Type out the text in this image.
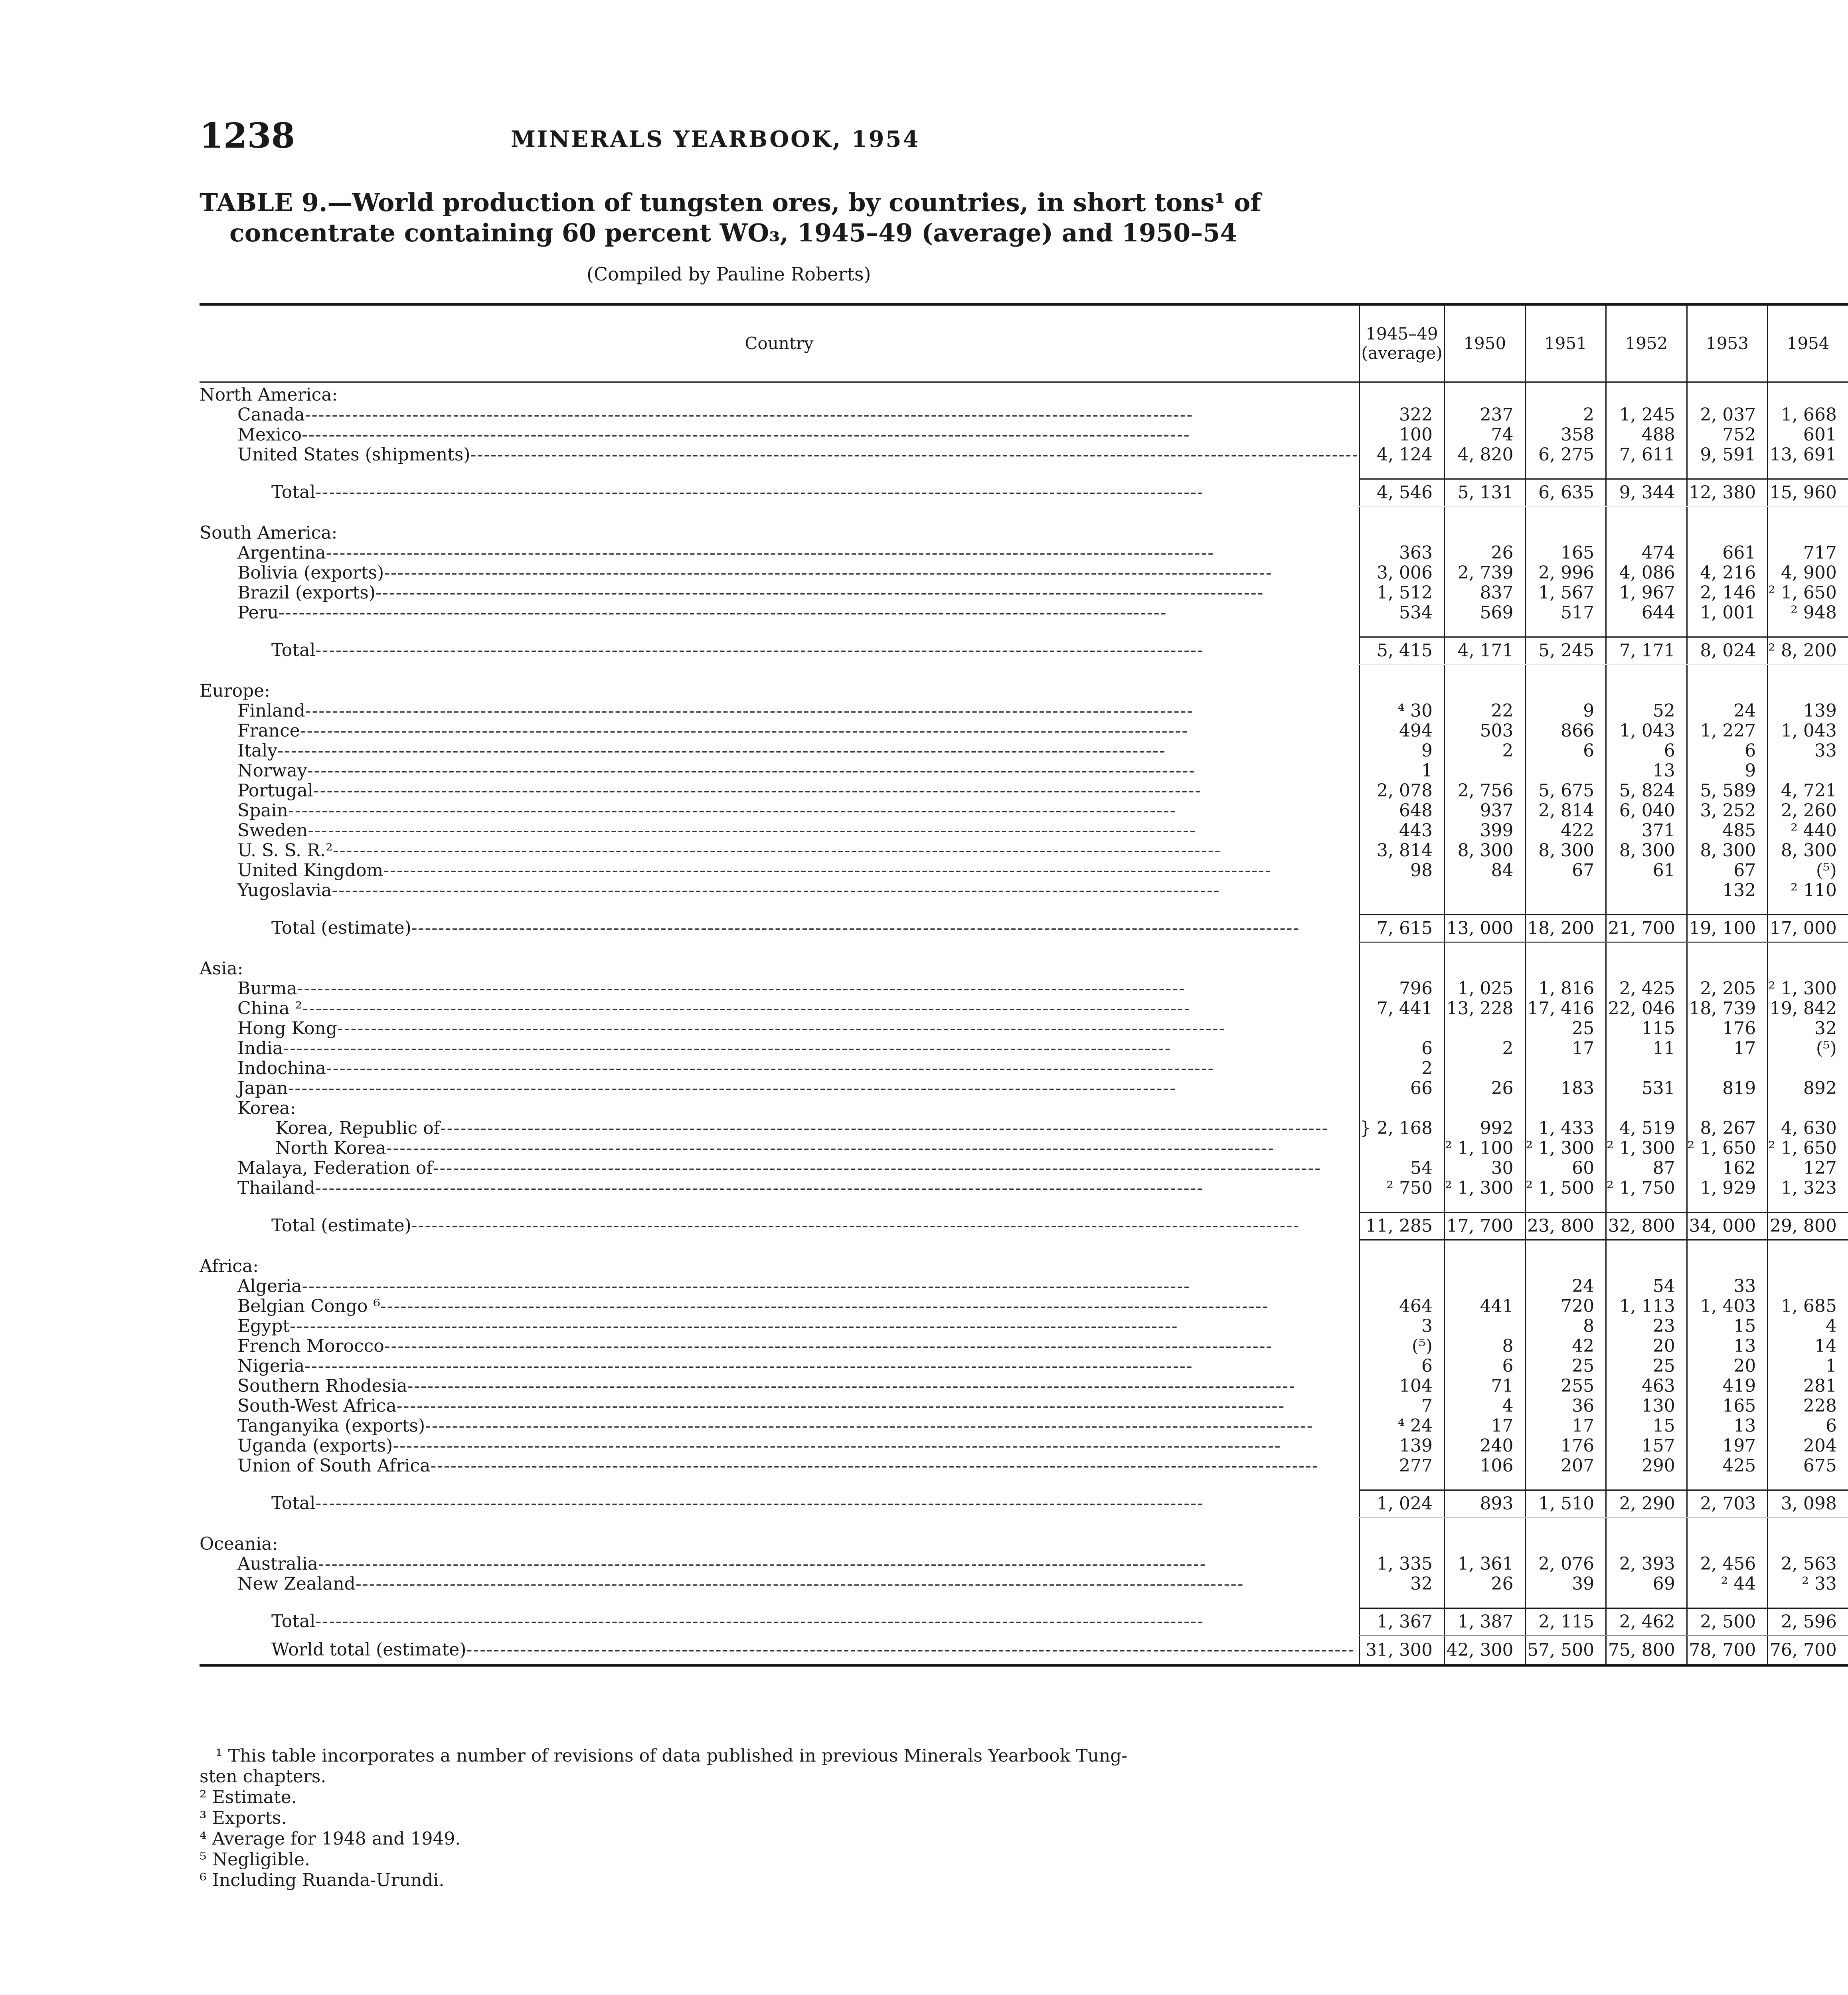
1238	MINERALS YEARBOOK, 1954
TABLE 9.—World production of tungsten ores, by countries, in short tons¹ of
concentrate containing 60 percent WO₃, 1945–49 (average) and 1950–54
(Compiled by Pauline Roberts)
Country	1945–49
(average)	1950	1951	1952	1953	1954
North America:						

Canada -----	322	237	2	1, 245	2, 037	1, 668

Mexico -----	100	74	358	488	752	601

United States (shipments) -----	4, 124	4, 820	6, 275	7, 611	9, 591	13, 691

Total -----	4, 546	5, 131	6, 635	9, 344	12, 380	15, 960

South America:						

Argentina -----	363	26	165	474	661	717

Bolivia (exports) -----	3, 006	2, 739	2, 996	4, 086	4, 216	4, 900

Brazil (exports) -----	1, 512	837	1, 567	1, 967	2, 146	² 1, 650

Peru -----	534	569	517	644	1, 001	² 948

Total -----	5, 415	4, 171	5, 245	7, 171	8, 024	² 8, 200

Europe:						

Finland -----	⁴ 30	22	9	52	24	139

France -----	494	503	866	1, 043	1, 227	1, 043

Italy -----	9	2	6	6	6	33

Norway -----	1			13	9	

Portugal -----	2, 078	2, 756	5, 675	5, 824	5, 589	4, 721

Spain -----	648	937	2, 814	6, 040	3, 252	2, 260

Sweden -----	443	399	422	371	485	² 440

U. S. S. R.² -----	3, 814	8, 300	8, 300	8, 300	8, 300	8, 300

United Kingdom -----	98	84	67	61	67	(⁵)

Yugoslavia -----					132	² 110

Total (estimate) -----	7, 615	13, 000	18, 200	21, 700	19, 100	17, 000

Asia:						

Burma -----	796	1, 025	1, 816	2, 425	2, 205	² 1, 300

China ² -----	7, 441	13, 228	17, 416	22, 046	18, 739	19, 842

Hong Kong -----			25	115	176	32

India -----	6	2	17	11	17	(⁵)

Indochina -----	2					

Japan -----	66	26	183	531	819	892
Korea:						

Korea, Republic of -----	} 2, 168	992	1, 433	4, 519	8, 267	4, 630

North Korea -----		² 1, 100	² 1, 300	² 1, 300	² 1, 650	² 1, 650

Malaya, Federation of -----	54	30	60	87	162	127

Thailand -----	² 750	² 1, 300	² 1, 500	² 1, 750	1, 929	1, 323

Total (estimate) -----	11, 285	17, 700	23, 800	32, 800	34, 000	29, 800

Africa:						

Algeria -----			24	54	33	

Belgian Congo ⁶ -----	464	441	720	1, 113	1, 403	1, 685

Egypt -----	3		8	23	15	4

French Morocco -----	(⁵)	8	42	20	13	14

Nigeria -----	6	6	25	25	20	1

Southern Rhodesia -----	104	71	255	463	419	281

South-West Africa -----	7	4	36	130	165	228

Tanganyika (exports) -----	⁴ 24	17	17	15	13	6

Uganda (exports) -----	139	240	176	157	197	204

Union of South Africa -----	277	106	207	290	425	675

Total -----	1, 024	893	1, 510	2, 290	2, 703	3, 098

Oceania:						

Australia -----	1, 335	1, 361	2, 076	2, 393	2, 456	2, 563

New Zealand -----	32	26	39	69	² 44	² 33

Total -----	1, 367	1, 387	2, 115	2, 462	2, 500	2, 596

World total (estimate) -----	31, 300	42, 300	57, 500	75, 800	78, 700	76, 700
¹ This table incorporates a number of revisions of data published in previous Minerals Yearbook Tung-
sten chapters.
² Estimate.
³ Exports.
⁴ Average for 1948 and 1949.
⁵ Negligible.
⁶ Including Ruanda-Urundi.
